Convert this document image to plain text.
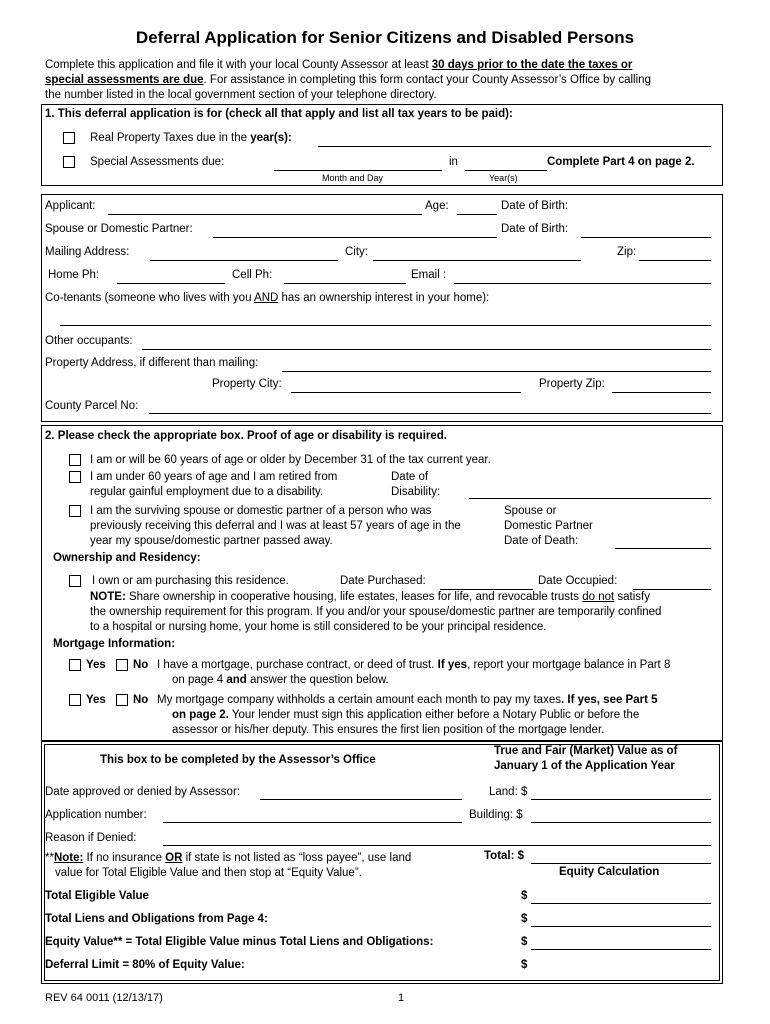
Deferral Application for Senior Citizens and Disabled Persons
Complete this application and file it with your local County Assessor at least 30 days prior to the date the taxes or
special assessments are due. For assistance in completing this form contact your County Assessor’s Office by calling
the number listed in the local government section of your telephone directory.
1. This deferral application is for (check all that apply and list all tax years to be paid):
Real Property Taxes due in the year(s):
Special Assessments due:	in	Complete Part 4 on page 2.
Month and Day	Year(s)
Applicant:	Age:	Date of Birth:
Spouse or Domestic Partner:	Date of Birth:
Mailing Address:	City:	Zip:
Home Ph:	Cell Ph:	Email :
Co-tenants (someone who lives with you AND has an ownership interest in your home):
Other occupants:
Property Address, if different than mailing:
Property City:	Property Zip:
County Parcel No:
2. Please check the appropriate box. Proof of age or disability is required.
I am or will be 60 years of age or older by December 31 of the tax current year.
I am under 60 years of age and I am retired from
regular gainful employment due to a disability.
Date of
Disability:
I am the surviving spouse or domestic partner of a person who was
previously receiving this deferral and I was at least 57 years of age in the
year my spouse/domestic partner passed away.
Spouse or
Domestic Partner
Date of Death:
Ownership and Residency:
I own or am purchasing this residence.	Date Purchased:	Date Occupied:
NOTE: Share ownership in cooperative housing, life estates, leases for life, and revocable trusts do not satisfy
the ownership requirement for this program. If you and/or your spouse/domestic partner are temporarily confined
to a hospital or nursing home, your home is still considered to be your principal residence.
Mortgage Information:
Yes No I have a mortgage, purchase contract, or deed of trust. If yes, report your mortgage balance in Part 8
on page 4 and answer the question below.
Yes No My mortgage company withholds a certain amount each month to pay my taxes. If yes, see Part 5
on page 2. Your lender must sign this application either before a Notary Public or before the
assessor or his/her deputy. This ensures the first lien position of the mortgage lender.
This box to be completed by the Assessor’s Office
True and Fair (Market) Value as of
January 1 of the Application Year
Date approved or denied by Assessor:	Land: $
Application number:	Building: $
Reason if Denied:
**Note: If no insurance OR if state is not listed as “loss payee”, use land
value for Total Eligible Value and then stop at “Equity Value”.
Total: $
Equity Calculation
Total Eligible Value	$
Total Liens and Obligations from Page 4:	$
Equity Value** = Total Eligible Value minus Total Liens and Obligations:	$
Deferral Limit = 80% of Equity Value:	$
REV 64 0011 (12/13/17)	1
